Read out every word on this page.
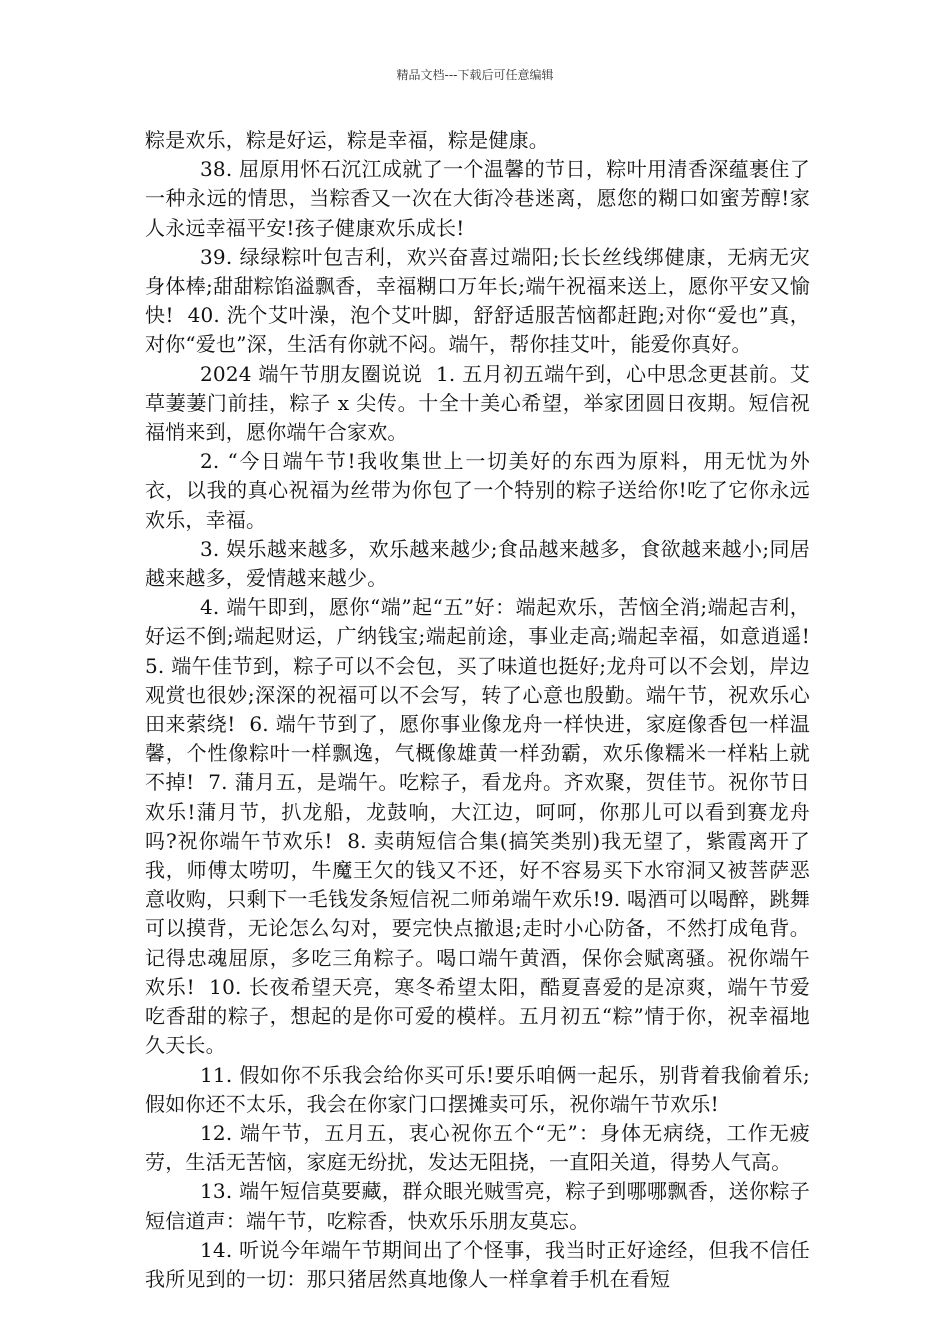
精品文档---下载后可任意编辑

粽是欢乐，粽是好运，粽是幸福，粽是健康。

38. 屈原用怀石沉江成就了一个温馨的节日，粽叶用清香深蕴裹住了一种永远的情思，当粽香又一次在大街冷巷迷离，愿您的糊口如蜜芳醇!家人永远幸福平安!孩子健康欢乐成长!

39. 绿绿粽叶包吉利，欢兴奋喜过端阳;长长丝线绑健康，无病无灾身体棒;甜甜粽馅溢飘香，幸福糊口万年长;端午祝福来送上，愿你平安又愉快!  40. 洗个艾叶澡，泡个艾叶脚，舒舒适服苦恼都赶跑;对你“爱也”真，对你“爱也”深，生活有你就不闷。端午，帮你挂艾叶，能爱你真好。

2024 端午节朋友圈说说  1. 五月初五端午到，心中思念更甚前。艾草萋萋门前挂，粽子 x 尖传。十全十美心希望，举家团圆日夜期。短信祝福悄来到，愿你端午合家欢。

2. “今日端午节!我收集世上一切美好的东西为原料，用无忧为外衣，以我的真心祝福为丝带为你包了一个特别的粽子送给你!吃了它你永远欢乐，幸福。

3. 娱乐越来越多，欢乐越来越少;食品越来越多，食欲越来越小;同居越来越多，爱情越来越少。

4. 端午即到，愿你“端”起“五”好：端起欢乐，苦恼全消;端起吉利，好运不倒;端起财运，广纳钱宝;端起前途，事业走高;端起幸福，如意逍遥!  5. 端午佳节到，粽子可以不会包，买了味道也挺好;龙舟可以不会划，岸边观赏也很妙;深深的祝福可以不会写，转了心意也殷勤。端午节，祝欢乐心田来萦绕!  6. 端午节到了，愿你事业像龙舟一样快进，家庭像香包一样温馨，个性像粽叶一样飘逸，气概像雄黄一样劲霸，欢乐像糯米一样粘上就不掉!  7. 蒲月五，是端午。吃粽子，看龙舟。齐欢聚，贺佳节。祝你节日欢乐!蒲月节，扒龙船，龙鼓响，大江边，呵呵，你那儿可以看到赛龙舟吗?祝你端午节欢乐!  8. 卖萌短信合集(搞笑类别)我无望了，紫霞离开了我，师傅太唠叨，牛魔王欠的钱又不还，好不容易买下水帘洞又被菩萨恶意收购，只剩下一毛钱发条短信祝二师弟端午欢乐!9. 喝酒可以喝醉，跳舞可以摸背，无论怎么勾对，要完快点撤退;走时小心防备，不然打成龟背。记得忠魂屈原，多吃三角粽子。喝口端午黄酒，保你会赋离骚。祝你端午欢乐!  10. 长夜希望天亮，寒冬希望太阳，酷夏喜爱的是凉爽，端午节爱吃香甜的粽子，想起的是你可爱的模样。五月初五“粽”情于你，祝幸福地久天长。

11. 假如你不乐我会给你买可乐!要乐咱俩一起乐，别背着我偷着乐;假如你还不太乐，我会在你家门口摆摊卖可乐，祝你端午节欢乐!

12. 端午节，五月五，衷心祝你五个“无”：身体无病绕，工作无疲劳，生活无苦恼，家庭无纷扰，发达无阻挠，一直阳关道，得势人气高。

13. 端午短信莫要藏，群众眼光贼雪亮，粽子到哪哪飘香，送你粽子短信道声：端午节，吃粽香，快欢乐乐朋友莫忘。

14. 听说今年端午节期间出了个怪事，我当时正好途经，但我不信任我所见到的一切：那只猪居然真地像人一样拿着手机在看短
